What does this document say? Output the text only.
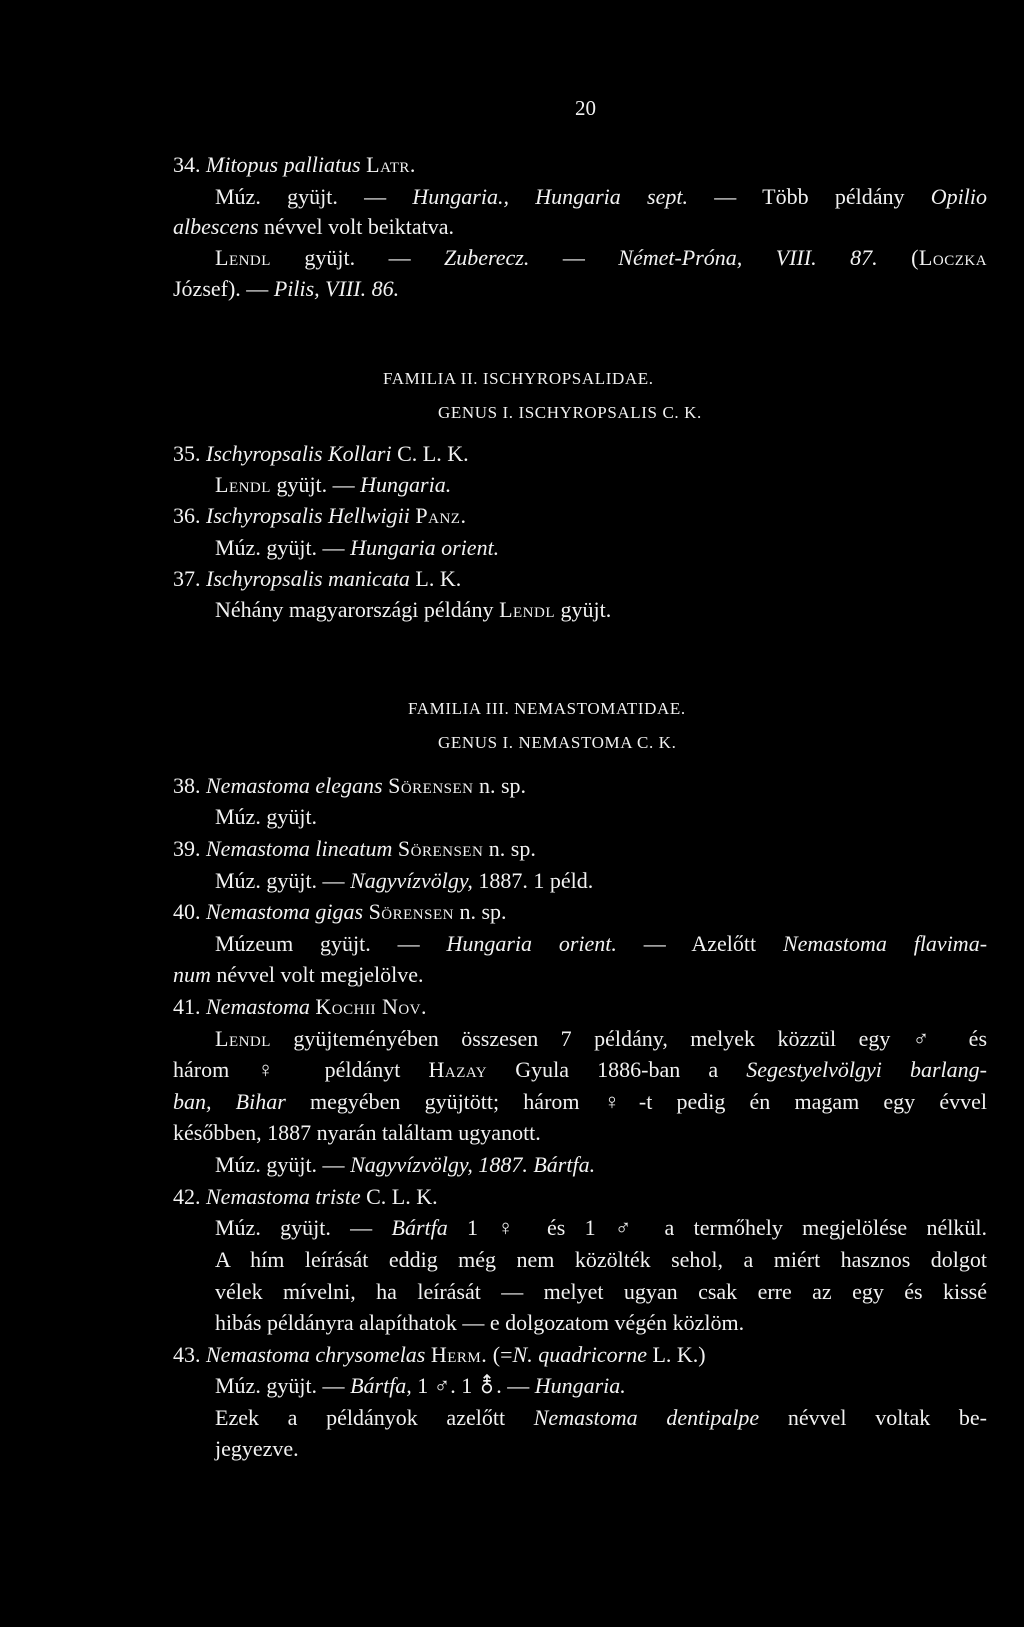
20
34. Mitopus palliatus Latr.
Múz. gyüjt. — Hungaria., Hungaria sept. — Több példány Opilio
albescens névvel volt beiktatva.
Lendl gyüjt. — Zuberecz. — Német-Próna, VIII. 87. (Loczka
József). — Pilis, VIII. 86.
FAMILIA II. ISCHYROPSALIDAE.
GENUS I. ISCHYROPSALIS C. K.
35. Ischyropsalis Kollari C. L. K.
Lendl gyüjt. — Hungaria.
36. Ischyropsalis Hellwigii Panz.
Múz. gyüjt. — Hungaria orient.
37. Ischyropsalis manicata L. K.
Néhány magyarországi példány Lendl gyüjt.
FAMILIA III. NEMASTOMATIDAE.
GENUS I. NEMASTOMA C. K.
38. Nemastoma elegans Sörensen n. sp.
Múz. gyüjt.
39. Nemastoma lineatum Sörensen n. sp.
Múz. gyüjt. — Nagyvízvölgy, 1887. 1 péld.
40. Nemastoma gigas Sörensen n. sp.
Múzeum gyüjt. — Hungaria orient. — Azelőtt Nemastoma flavima-
num névvel volt megjelölve.
41. Nemastoma Kochii Nov.
Lendl gyüjteményében összesen 7 példány, melyek közzül egy ♂ és
három ♀ példányt Hazay Gyula 1886-ban a Segestyelvölgyi barlang-
ban, Bihar megyében gyüjtött; három ♀-t pedig én magam egy évvel
későbben, 1887 nyarán találtam ugyanott.
Múz. gyüjt. — Nagyvízvölgy, 1887. Bártfa.
42. Nemastoma triste C. L. K.
Múz. gyüjt. — Bártfa 1 ♀ és 1 ♂ a termőhely megjelölése nélkül.
A hím leírását eddig még nem közölték sehol, a miért hasznos dolgot
vélek mívelni, ha leírását — melyet ugyan csak erre az egy és kissé
hibás példányra alapíthatok — e dolgozatom végén közlöm.
43. Nemastoma chrysomelas Herm. (=N. quadricorne L. K.)
Múz. gyüjt. — Bártfa, 1 ♂. 1 ⚨. — Hungaria.
Ezek a példányok azelőtt Nemastoma dentipalpe névvel voltak be-
jegyezve.
